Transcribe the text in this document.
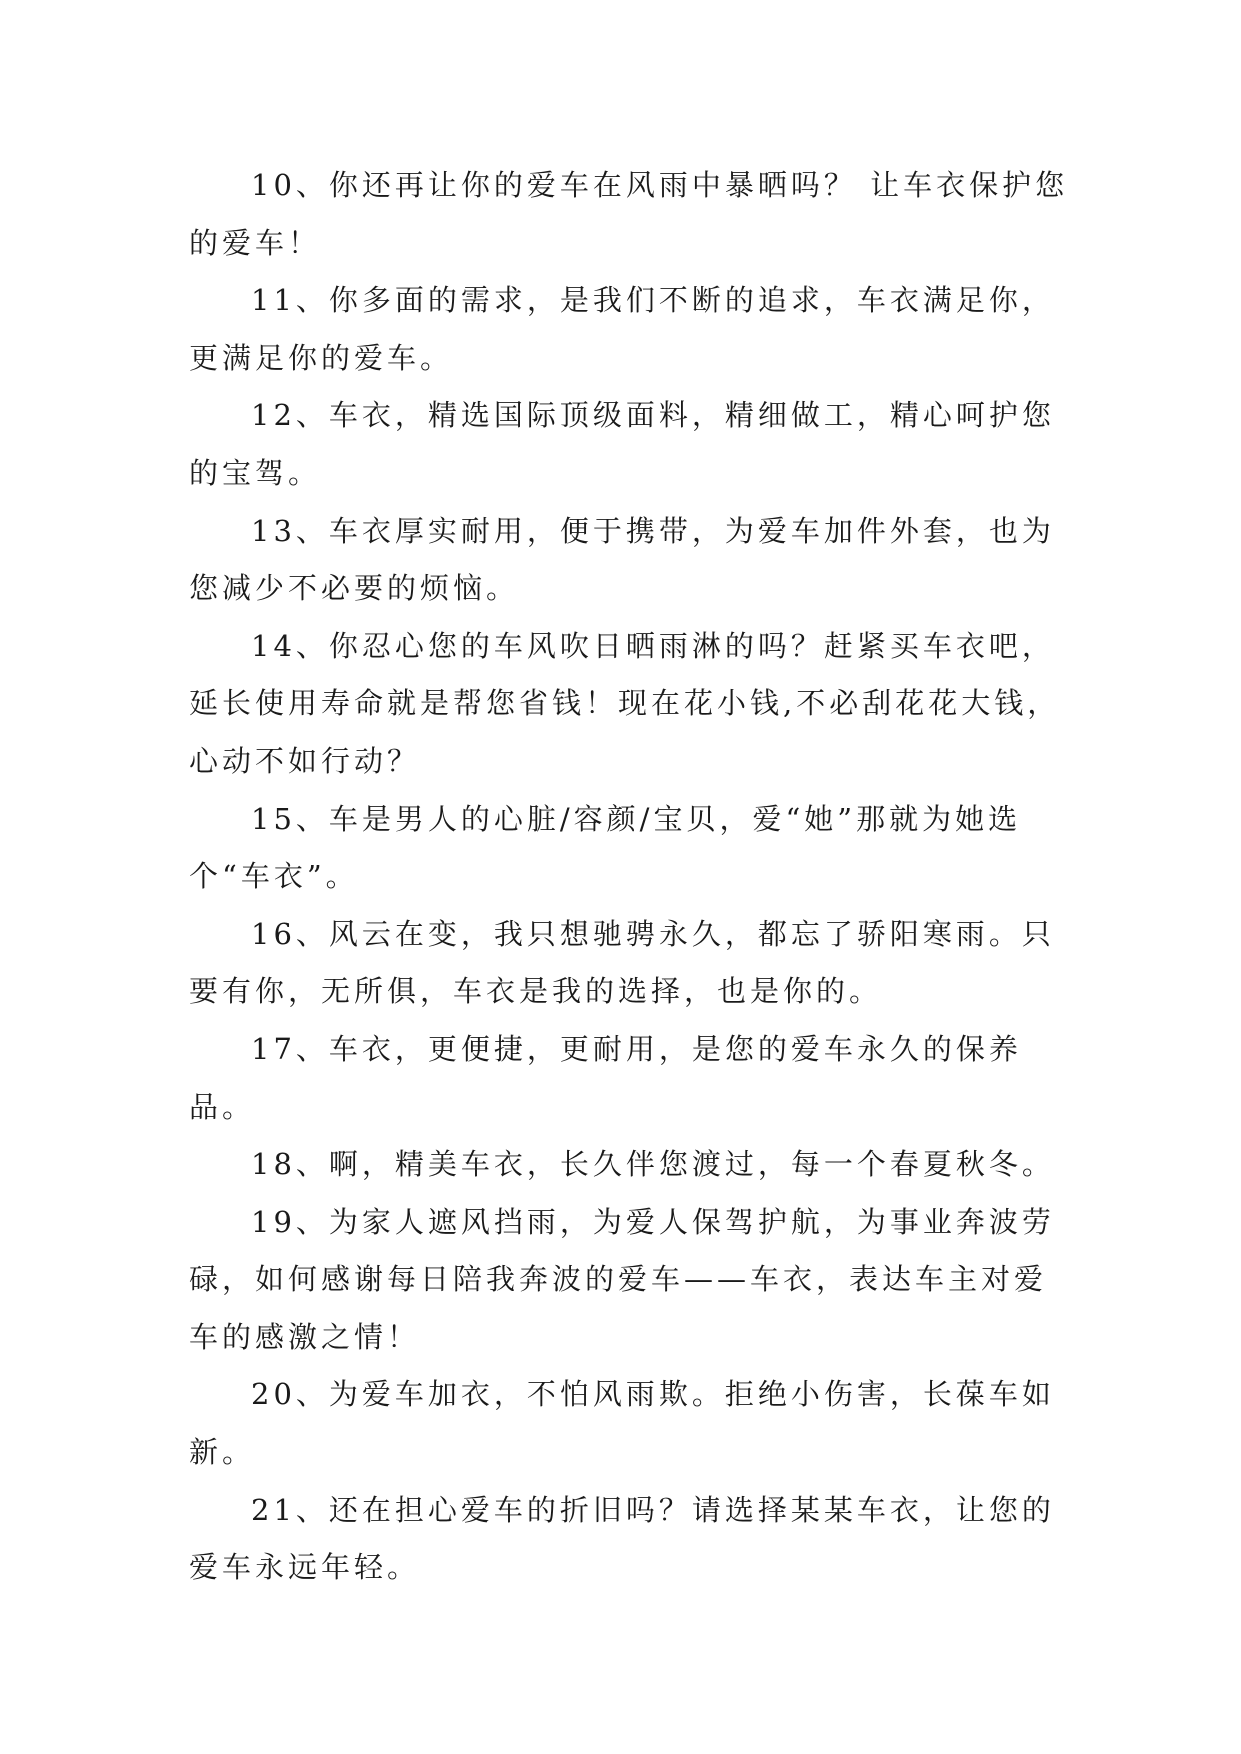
10、你还再让你的爱车在风雨中暴晒吗？ 让车衣保护您的爱车！

11、你多面的需求，是我们不断的追求，车衣满足你，更满足你的爱车。

12、车衣，精选国际顶级面料，精细做工，精心呵护您的宝驾。

13、车衣厚实耐用，便于携带，为爱车加件外套，也为您减少不必要的烦恼。

14、你忍心您的车风吹日晒雨淋的吗？赶紧买车衣吧，延长使用寿命就是帮您省钱！现在花小钱,不必刮花花大钱，心动不如行动？

15、车是男人的心脏/容颜/宝贝，爱“她”那就为她选个“车衣”。

16、风云在变，我只想驰骋永久，都忘了骄阳寒雨。只要有你，无所俱，车衣是我的选择，也是你的。

17、车衣，更便捷，更耐用，是您的爱车永久的保养品。

18、啊，精美车衣，长久伴您渡过，每一个春夏秋冬。

19、为家人遮风挡雨，为爱人保驾护航，为事业奔波劳碌，如何感谢每日陪我奔波的爱车——车衣，表达车主对爱车的感激之情！

20、为爱车加衣，不怕风雨欺。拒绝小伤害，长葆车如新。

21、还在担心爱车的折旧吗？请选择某某车衣，让您的爱车永远年轻。
